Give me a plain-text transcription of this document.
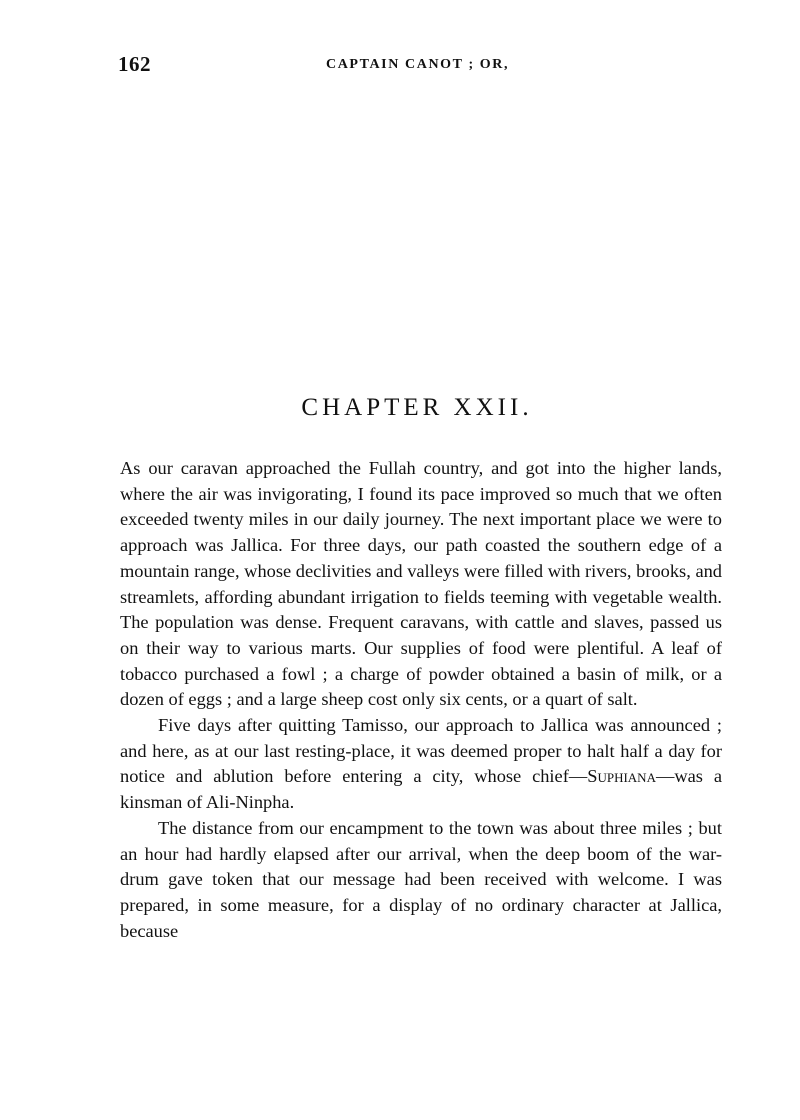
162	CAPTAIN CANOT ; OR,
CHAPTER XXII.

As our caravan approached the Fullah country, and got into the higher lands, where the air was invigorating, I found its pace improved so much that we often exceeded twenty miles in our daily journey. The next important place we were to approach was Jallica. For three days, our path coasted the southern edge of a mountain range, whose declivities and valleys were filled with rivers, brooks, and streamlets, affording abundant irrigation to fields teeming with vegetable wealth. The population was dense. Frequent caravans, with cattle and slaves, passed us on their way to various marts. Our supplies of food were plentiful. A leaf of tobacco purchased a fowl ; a charge of powder obtained a basin of milk, or a dozen of eggs ; and a large sheep cost only six cents, or a quart of salt.

Five days after quitting Tamisso, our approach to Jallica was announced ; and here, as at our last resting-place, it was deemed proper to halt half a day for notice and ablution before entering a city, whose chief—Suphiana—was a kinsman of Ali-Ninpha.

The distance from our encampment to the town was about three miles ; but an hour had hardly elapsed after our arrival, when the deep boom of the war-drum gave token that our message had been received with welcome. I was prepared, in some measure, for a display of no ordinary character at Jallica, because
